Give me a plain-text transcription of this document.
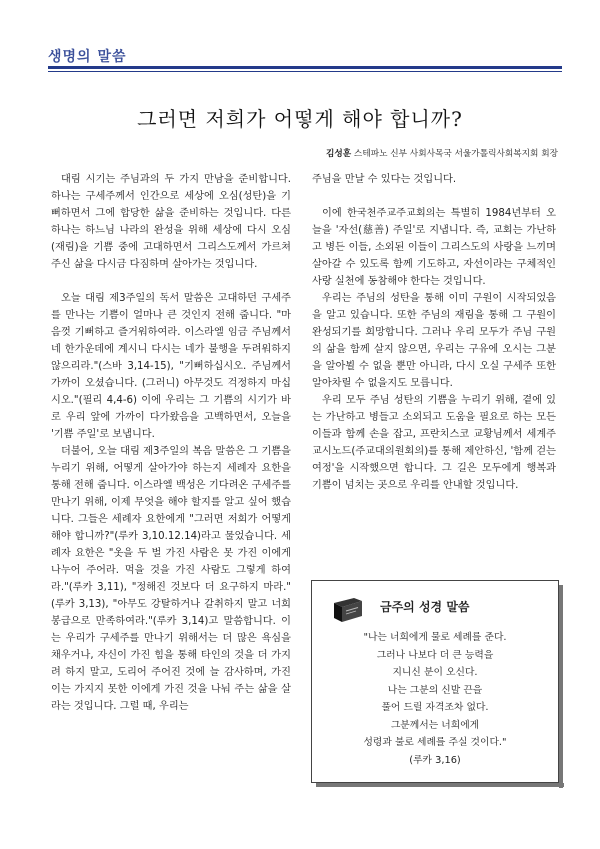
생명의 말씀
그러면 저희가 어떻게 해야 합니까?
김성훈 스테파노 신부 사회사목국 서울가톨릭사회복지회 회장

대림 시기는 주님과의 두 가지 만남을 준비합니다. 하나는 구세주께서 인간으로 세상에 오심(성탄)을 기뻐하면서 그에 합당한 삶을 준비하는 것입니다. 다른 하나는 하느님 나라의 완성을 위해 세상에 다시 오심(재림)을 기쁨 중에 고대하면서 그리스도께서 가르쳐 주신 삶을 다시금 다짐하며 살아가는 것입니다.

오늘 대림 제3주일의 독서 말씀은 고대하던 구세주를 만나는 기쁨이 얼마나 큰 것인지 전해 줍니다. "마음껏 기뻐하고 즐거워하여라. 이스라엘 임금 주님께서 네 한가운데에 계시니 다시는 네가 불행을 두려워하지 않으리라."(스바 3,14-15), "기뻐하십시오. 주님께서 가까이 오셨습니다. (그러니) 아무것도 걱정하지 마십시오."(필리 4,4-6) 이에 우리는 그 기쁨의 시기가 바로 우리 앞에 가까이 다가왔음을 고백하면서, 오늘을 '기쁨 주일'로 보냅니다.

더불어, 오늘 대림 제3주일의 복음 말씀은 그 기쁨을 누리기 위해, 어떻게 살아가야 하는지 세례자 요한을 통해 전해 줍니다. 이스라엘 백성은 기다려온 구세주를 만나기 위해, 이제 무엇을 해야 할지를 알고 싶어 했습니다. 그들은 세례자 요한에게 "그러면 저희가 어떻게 해야 합니까?"(루카 3,10.12.14)라고 물었습니다. 세례자 요한은 "옷을 두 벌 가진 사람은 못 가진 이에게 나누어 주어라. 먹을 것을 가진 사람도 그렇게 하여라."(루카 3,11), "정해진 것보다 더 요구하지 마라."(루카 3,13), "아무도 강탈하거나 갈취하지 말고 너희 봉급으로 만족하여라."(루카 3,14)고 말씀합니다. 이는 우리가 구세주를 만나기 위해서는 더 많은 욕심을 채우거나, 자신이 가진 힘을 통해 타인의 것을 더 가지려 하지 말고, 도리어 주어진 것에 늘 감사하며, 가진 이는 가지지 못한 이에게 가진 것을 나눠 주는 삶을 살라는 것입니다. 그럴 때, 우리는

주님을 만날 수 있다는 것입니다.

이에 한국천주교주교회의는 특별히 1984년부터 오늘을 '자선(慈善) 주일'로 지냅니다. 즉, 교회는 가난하고 병든 이들, 소외된 이들이 그리스도의 사랑을 느끼며 살아갈 수 있도록 함께 기도하고, 자선이라는 구체적인 사랑 실천에 동참해야 한다는 것입니다.

우리는 주님의 성탄을 통해 이미 구원이 시작되었음을 알고 있습니다. 또한 주님의 재림을 통해 그 구원이 완성되기를 희망합니다. 그러나 우리 모두가 주님 구원의 삶을 함께 살지 않으면, 우리는 구유에 오시는 그분을 알아뵐 수 없을 뿐만 아니라, 다시 오실 구세주 또한 알아차릴 수 없을지도 모릅니다.

우리 모두 주님 성탄의 기쁨을 누리기 위해, 곁에 있는 가난하고 병들고 소외되고 도움을 필요로 하는 모든 이들과 함께 손을 잡고, 프란치스코 교황님께서 세계주교시노드(주교대의원회의)를 통해 제안하신, '함께 걷는 여정'을 시작했으면 합니다. 그 길은 모두에게 행복과 기쁨이 넘치는 곳으로 우리를 안내할 것입니다.

금주의 성경 말씀
"나는 너희에게 물로 세례를 준다.
그러나 나보다 더 큰 능력을
지니신 분이 오신다.
나는 그분의 신발 끈을
풀어 드릴 자격조차 없다.
그분께서는 너희에게
성령과 불로 세례를 주실 것이다."
(루카 3,16)
